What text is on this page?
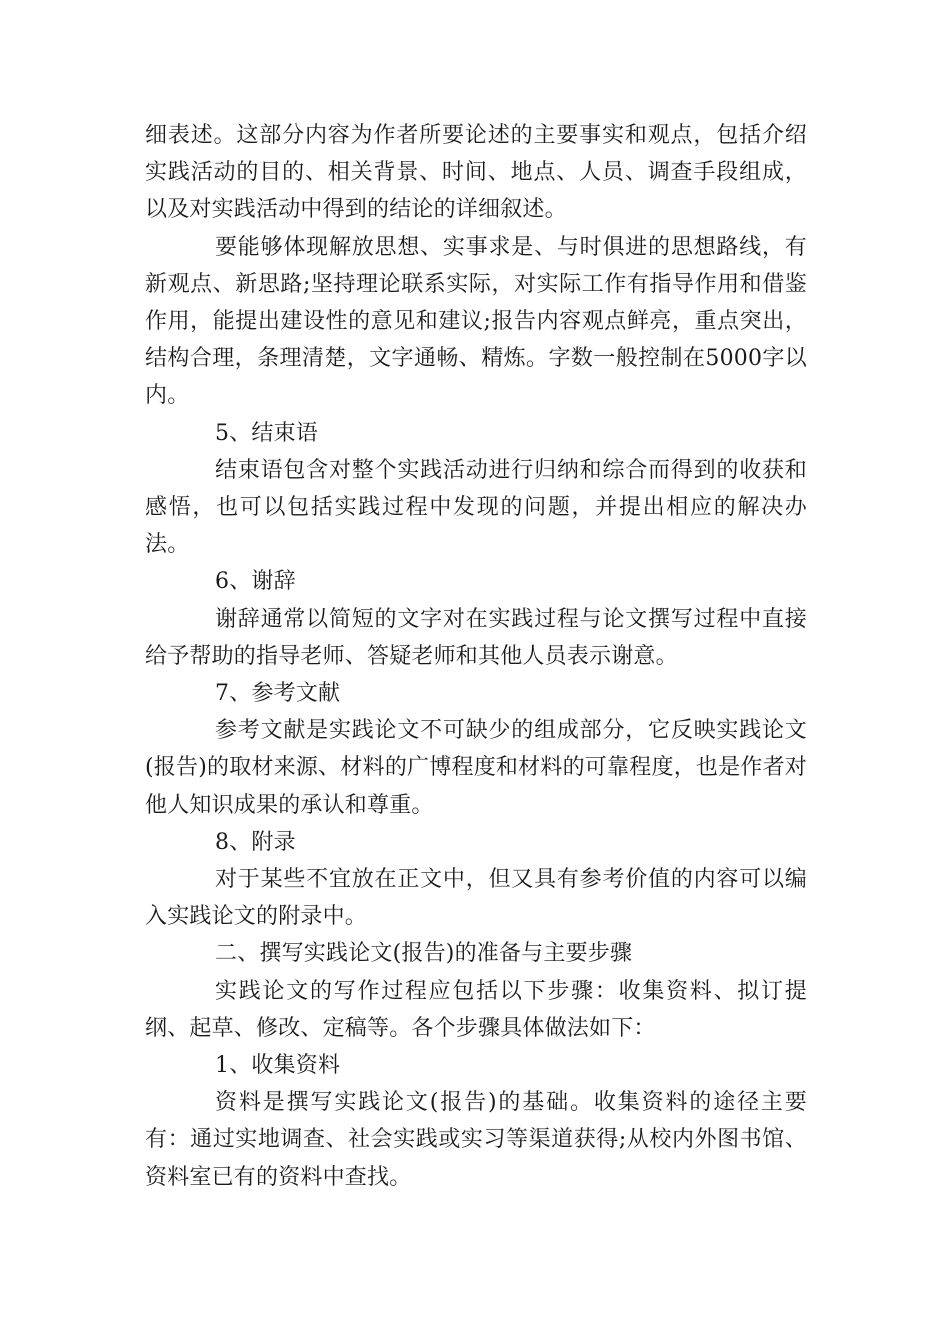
细表述。这部分内容为作者所要论述的主要事实和观点，包括介绍实践活动的目的、相关背景、时间、地点、人员、调查手段组成，以及对实践活动中得到的结论的详细叙述。

要能够体现解放思想、实事求是、与时俱进的思想路线，有新观点、新思路;坚持理论联系实际，对实际工作有指导作用和借鉴作用，能提出建设性的意见和建议;报告内容观点鲜亮，重点突出，结构合理，条理清楚，文字通畅、精炼。字数一般控制在5000字以内。

5、结束语

结束语包含对整个实践活动进行归纳和综合而得到的收获和感悟，也可以包括实践过程中发现的问题，并提出相应的解决办法。

6、谢辞

谢辞通常以简短的文字对在实践过程与论文撰写过程中直接给予帮助的指导老师、答疑老师和其他人员表示谢意。

7、参考文献

参考文献是实践论文不可缺少的组成部分，它反映实践论文(报告)的取材来源、材料的广博程度和材料的可靠程度，也是作者对他人知识成果的承认和尊重。

8、附录

对于某些不宜放在正文中，但又具有参考价值的内容可以编入实践论文的附录中。

二、撰写实践论文(报告)的准备与主要步骤

实践论文的写作过程应包括以下步骤：收集资料、拟订提纲、起草、修改、定稿等。各个步骤具体做法如下：

1、收集资料

资料是撰写实践论文(报告)的基础。收集资料的途径主要有：通过实地调查、社会实践或实习等渠道获得;从校内外图书馆、资料室已有的资料中查找。
